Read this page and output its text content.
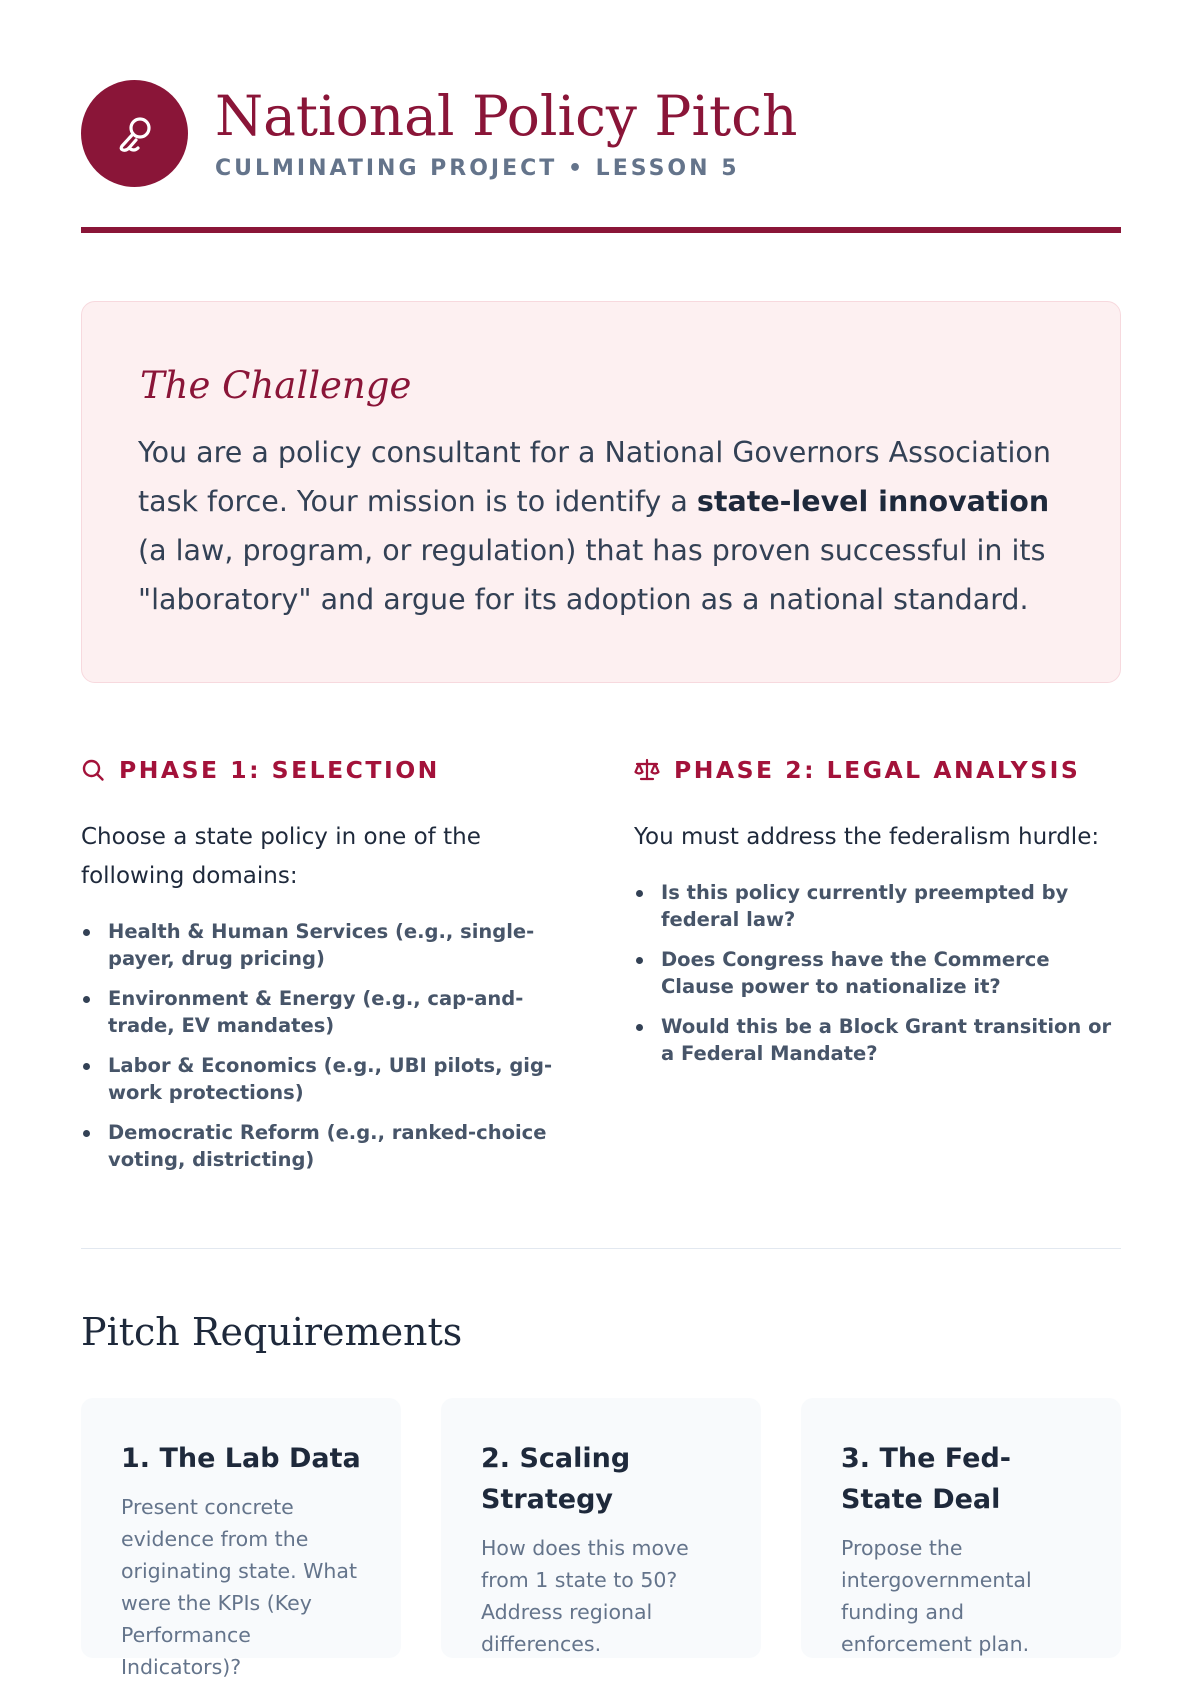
National Policy Pitch
CULMINATING PROJECT • LESSON 5
The Challenge

You are a policy consultant for a National Governors Association task force. Your mission is to identify a state-level innovation (a law, program, or regulation) that has proven successful in its "laboratory" and argue for its adoption as a national standard.

PHASE 1: SELECTION

Choose a state policy in one of the following domains:

Health & Human Services (e.g., single-payer, drug pricing)
Environment & Energy (e.g., cap-and-trade, EV mandates)
Labor & Economics (e.g., UBI pilots, gig-work protections)
Democratic Reform (e.g., ranked-choice voting, districting)
PHASE 2: LEGAL ANALYSIS

You must address the federalism hurdle:

Is this policy currently preempted by federal law?
Does Congress have the Commerce Clause power to nationalize it?
Would this be a Block Grant transition or a Federal Mandate?
Pitch Requirements
1. The Lab Data

Present concrete evidence from the originating state. What were the KPIs (Key Performance Indicators)?

2. Scaling Strategy

How does this move from 1 state to 50? Address regional differences.

3. The Fed-State Deal

Propose the intergovernmental funding and enforcement plan.
